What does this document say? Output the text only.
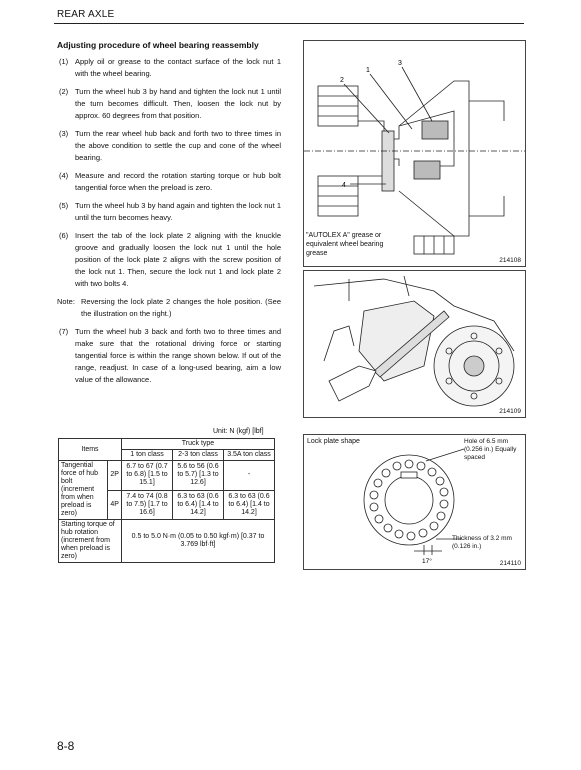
REAR AXLE
Adjusting procedure of wheel bearing reassembly
(1) Apply oil or grease to the contact surface of the lock nut 1 with the wheel bearing.
(2) Turn the wheel hub 3 by hand and tighten the lock nut 1 until the turn becomes difficult. Then, loosen the lock nut by approx. 60 degrees from that position.
(3) Turn the rear wheel hub back and forth two to three times in the above condition to settle the cup and cone of the wheel bearing.
(4) Measure and record the rotation starting torque or hub bolt tangential force when the preload is zero.
(5) Turn the wheel hub 3 by hand again and tighten the lock nut 1 until the turn becomes heavy.
(6) Insert the tab of the lock plate 2 aligning with the knuckle groove and gradually loosen the lock nut 1 until the hole position of the lock plate 2 aligns with the screw position of the lock nut 1. Then, secure the lock nut 1 and lock plate 2 with two bolts 4.
Note: Reversing the lock plate 2 changes the hole position. (See the illustration on the right.)
(7) Turn the wheel hub 3 back and forth two to three times and make sure that the rotational driving force or starting tangential force is within the range shown below. If out of the range, readjust. In case of a long-used bearing, aim a low value of the allowance.
Unit: N (kgf) [lbf]
Items		Truck type		
		1 ton class	2-3 ton class	3.5A ton class
Tangential force of hub bolt (increment from when preload is zero)	2P	6.7 to 67 (0.7 to 6.8) [1.5 to 15.1]	5.6 to 56 (0.6 to 5.7) [1.3 to 12.6]	-
	4P	7.4 to 74 (0.8 to 7.5) [1.7 to 16.6]	6.3 to 63 (0.6 to 6.4) [1.4 to 14.2]	6.3 to 63 (0.6 to 6.4) [1.4 to 14.2]
Starting torque of hub rotation (increment from when preload is zero)		0.5 to 5.0 N·m (0.05 to 0.50 kgf·m) [0.37 to 3.769 lbf·ft]		
2
1
3
4
"AUTOLEX A" grease or equivalent wheel bearing grease
214108
214109
Lock plate shape	Hole of 6.5 mm (0.256 in.) Equally spaced
17°
Thickness of 3.2 mm (0.126 in.)
214110
8-8
